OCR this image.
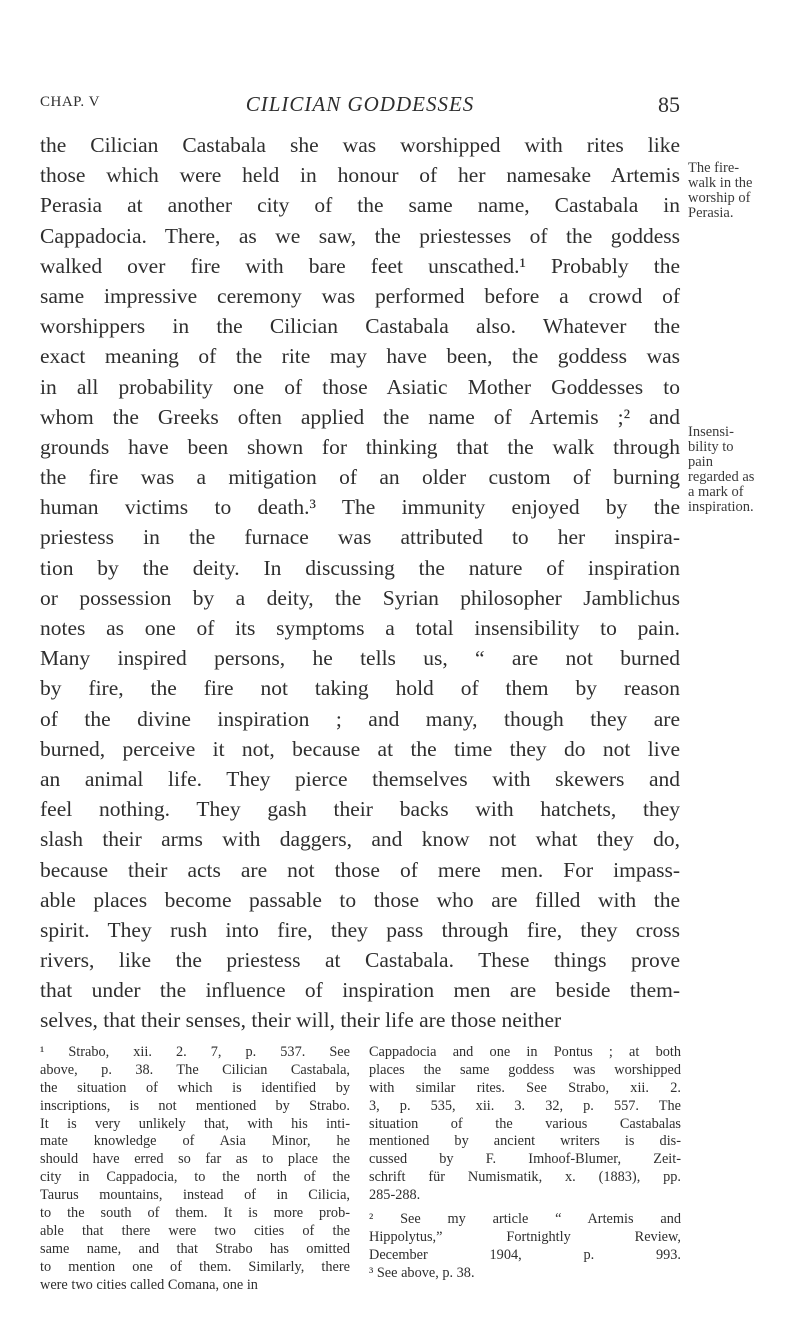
CHAP. V	CILICIAN GODDESSES	85
the Cilician Castabala she was worshipped with rites like
those which were held in honour of her namesake Artemis
Perasia at another city of the same name, Castabala in
Cappadocia. There, as we saw, the priestesses of the goddess
walked over fire with bare feet unscathed.¹ Probably the
same impressive ceremony was performed before a crowd of
worshippers in the Cilician Castabala also. Whatever the
exact meaning of the rite may have been, the goddess was
in all probability one of those Asiatic Mother Goddesses to
whom the Greeks often applied the name of Artemis ;² and
grounds have been shown for thinking that the walk through
the fire was a mitigation of an older custom of burning
human victims to death.³ The immunity enjoyed by the
priestess in the furnace was attributed to her inspira-
tion by the deity. In discussing the nature of inspiration
or possession by a deity, the Syrian philosopher Jamblichus
notes as one of its symptoms a total insensibility to pain.
Many inspired persons, he tells us, “ are not burned
by fire, the fire not taking hold of them by reason
of the divine inspiration ; and many, though they are
burned, perceive it not, because at the time they do not live
an animal life. They pierce themselves with skewers and
feel nothing. They gash their backs with hatchets, they
slash their arms with daggers, and know not what they do,
because their acts are not those of mere men. For impass-
able places become passable to those who are filled with the
spirit. They rush into fire, they pass through fire, they cross
rivers, like the priestess at Castabala. These things prove
that under the influence of inspiration men are beside them-
selves, that their senses, their will, their life are those neither
The fire-
walk in the
worship of
Perasia.
Insensi-
bility to
pain
regarded as
a mark of
inspiration.
¹ Strabo, xii. 2. 7, p. 537. See
above, p. 38. The Cilician Castabala,
the situation of which is identified by
inscriptions, is not mentioned by Strabo.
It is very unlikely that, with his inti-
mate knowledge of Asia Minor, he
should have erred so far as to place the
city in Cappadocia, to the north of the
Taurus mountains, instead of in Cilicia,
to the south of them. It is more prob-
able that there were two cities of the
same name, and that Strabo has omitted
to mention one of them. Similarly, there
were two cities called Comana, one in
Cappadocia and one in Pontus ; at both
places the same goddess was worshipped
with similar rites. See Strabo, xii. 2.
3, p. 535, xii. 3. 32, p. 557. The
situation of the various Castabalas
mentioned by ancient writers is dis-
cussed by F. Imhoof-Blumer, Zeit-
schrift für Numismatik, x. (1883), pp.
285-288.
² See my article “ Artemis and
Hippolytus,” Fortnightly Review,
December 1904, p. 993.
³ See above, p. 38.
